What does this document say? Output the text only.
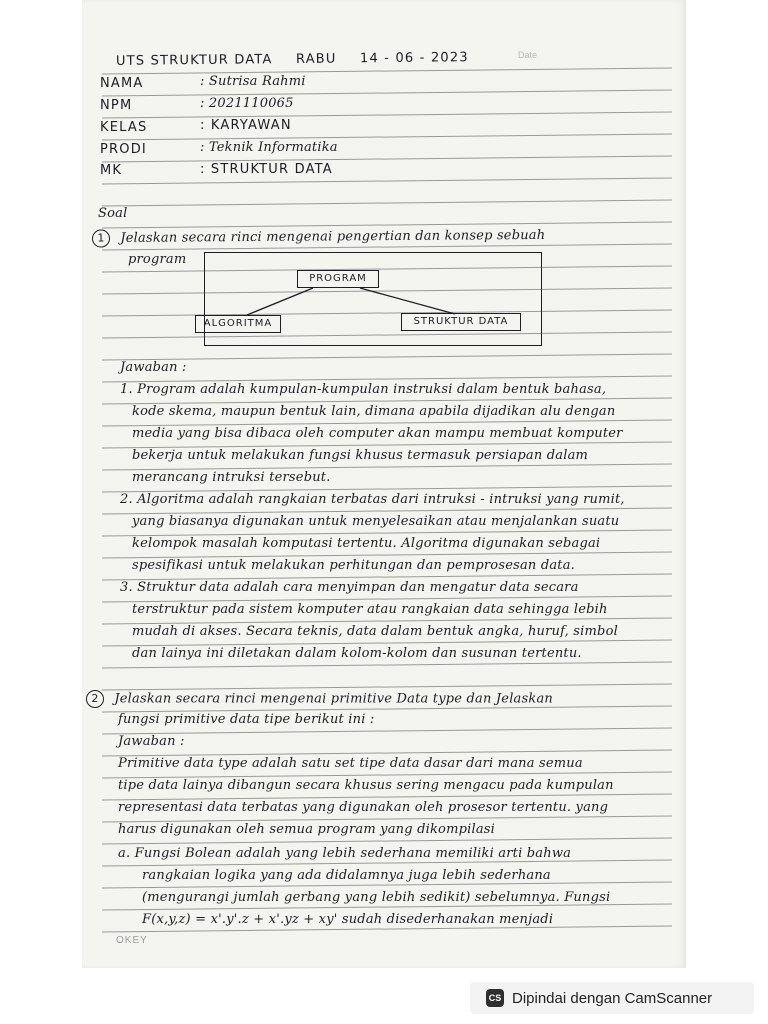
Date
UTS STRUKTUR DATA RABU 14 - 06 - 2023
NAMA	: Sutrisa Rahmi
NPM	: 2021110065
KELAS	: KARYAWAN
PRODI	: Teknik Informatika
MK	: STRUKTUR DATA
Soal
1 Jelaskan secara rinci mengenai pengertian dan konsep sebuah
program
PROGRAM
ALGORITMA	STRUKTUR DATA
Jawaban :
1. Program adalah kumpulan-kumpulan instruksi dalam bentuk bahasa,
kode skema, maupun bentuk lain, dimana apabila dijadikan alu dengan
media yang bisa dibaca oleh computer akan mampu membuat komputer
bekerja untuk melakukan fungsi khusus termasuk persiapan dalam
merancang intruksi tersebut.
2. Algoritma adalah rangkaian terbatas dari intruksi - intruksi yang rumit,
yang biasanya digunakan untuk menyelesaikan atau menjalankan suatu
kelompok masalah komputasi tertentu. Algoritma digunakan sebagai
spesifikasi untuk melakukan perhitungan dan pemprosesan data.
3. Struktur data adalah cara menyimpan dan mengatur data secara
terstruktur pada sistem komputer atau rangkaian data sehingga lebih
mudah di akses. Secara teknis, data dalam bentuk angka, huruf, simbol
dan lainya ini diletakan dalam kolom-kolom dan susunan tertentu.
2 Jelaskan secara rinci mengenai primitive Data type dan Jelaskan
fungsi primitive data tipe berikut ini :
Jawaban :
Primitive data type adalah satu set tipe data dasar dari mana semua
tipe data lainya dibangun secara khusus sering mengacu pada kumpulan
representasi data terbatas yang digunakan oleh prosesor tertentu. yang
harus digunakan oleh semua program yang dikompilasi
a. Fungsi Bolean adalah yang lebih sederhana memiliki arti bahwa
rangkaian logika yang ada didalamnya juga lebih sederhana
(mengurangi jumlah gerbang yang lebih sedikit) sebelumnya. Fungsi
F(x,y,z) = x'.y'.z + x'.yz + xy' sudah disederhanakan menjadi
OKEY
CS Dipindai dengan CamScanner
